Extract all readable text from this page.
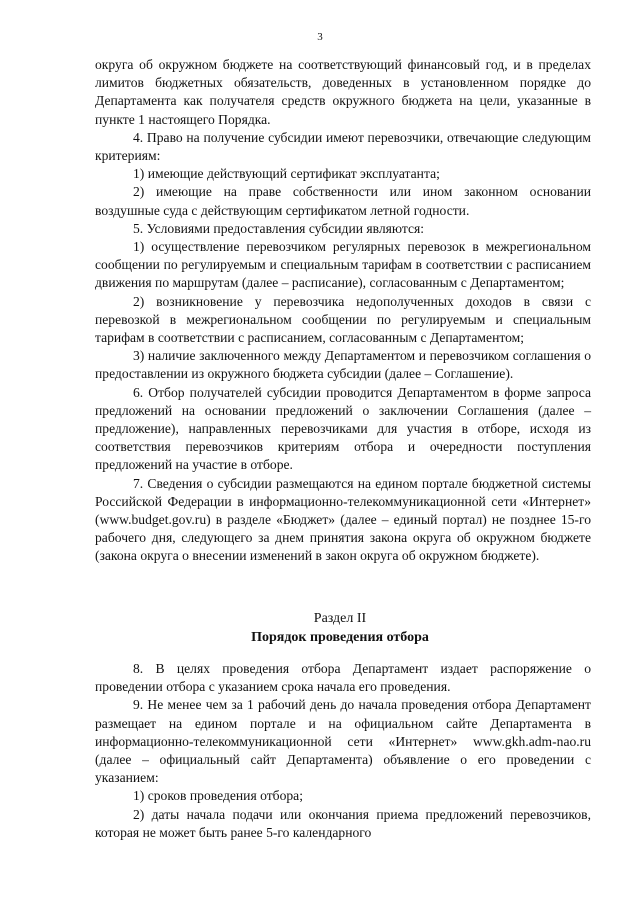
3

округа об окружном бюджете на соответствующий финансовый год, и в пределах лимитов бюджетных обязательств, доведенных в установленном порядке до Департамента как получателя средств окружного бюджета на цели, указанные в пункте 1 настоящего Порядка.

4. Право на получение субсидии имеют перевозчики, отвечающие следующим критериям:

1) имеющие действующий сертификат эксплуатанта;

2) имеющие на праве собственности или ином законном основании воздушные суда с действующим сертификатом летной годности.

5. Условиями предоставления субсидии являются:

1) осуществление перевозчиком регулярных перевозок в межрегиональном сообщении по регулируемым и специальным тарифам в соответствии с расписанием движения по маршрутам (далее – расписание), согласованным с Департаментом;

2) возникновение у перевозчика недополученных доходов в связи с перевозкой в межрегиональном сообщении по регулируемым и специальным тарифам в соответствии с расписанием, согласованным с Департаментом;

3) наличие заключенного между Департаментом и перевозчиком соглашения о предоставлении из окружного бюджета субсидии (далее – Соглашение).

6. Отбор получателей субсидии проводится Департаментом в форме запроса предложений на основании предложений о заключении Соглашения (далее – предложение), направленных перевозчиками для участия в отборе, исходя из соответствия перевозчиков критериям отбора и очередности поступления предложений на участие в отборе.

7. Сведения о субсидии размещаются на едином портале бюджетной системы Российской Федерации в информационно-телекоммуникационной сети «Интернет» (www.budget.gov.ru) в разделе «Бюджет» (далее – единый портал) не позднее 15-го рабочего дня, следующего за днем принятия закона округа об окружном бюджете (закона округа о внесении изменений в закон округа об окружном бюджете).

Раздел II
Порядок проведения отбора

8. В целях проведения отбора Департамент издает распоряжение о проведении отбора с указанием срока начала его проведения.

9. Не менее чем за 1 рабочий день до начала проведения отбора Департамент размещает на едином портале и на официальном сайте Департамента в информационно-телекоммуникационной сети «Интернет» www.gkh.adm-nao.ru (далее – официальный сайт Департамента) объявление о его проведении с указанием:

1) сроков проведения отбора;

2) даты начала подачи или окончания приема предложений перевозчиков, которая не может быть ранее 5-го календарного
